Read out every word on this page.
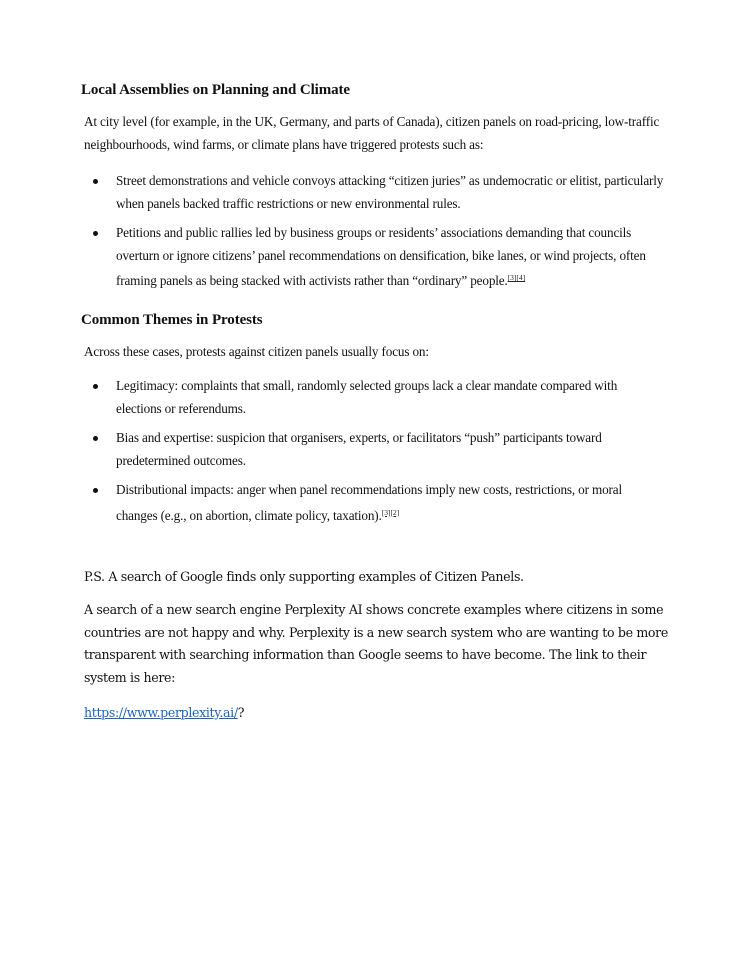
Local Assemblies on Planning and Climate

At city level (for example, in the UK, Germany, and parts of Canada), citizen panels on road-pricing, low-traffic neighbourhoods, wind farms, or climate plans have triggered protests such as:

Street demonstrations and vehicle convoys attacking “citizen juries” as undemocratic or elitist, particularly when panels backed traffic restrictions or new environmental rules.
Petitions and public rallies led by business groups or residents’ associations demanding that councils overturn or ignore citizens’ panel recommendations on densification, bike lanes, or wind projects, often framing panels as being stacked with activists rather than “ordinary” people.[3][4]
Common Themes in Protests

Across these cases, protests against citizen panels usually focus on:

Legitimacy: complaints that small, randomly selected groups lack a clear mandate compared with elections or referendums.
Bias and expertise: suspicion that organisers, experts, or facilitators “push” participants toward predetermined outcomes.
Distributional impacts: anger when panel recommendations imply new costs, restrictions, or moral changes (e.g., on abortion, climate policy, taxation).[3][2]

P.S. A search of Google finds only supporting examples of Citizen Panels.

A search of a new search engine Perplexity AI shows concrete examples where citizens in some countries are not happy and why. Perplexity is a new search system who are wanting to be more transparent with searching information than Google seems to have become. The link to their system is here:

https://www.perplexity.ai/?
